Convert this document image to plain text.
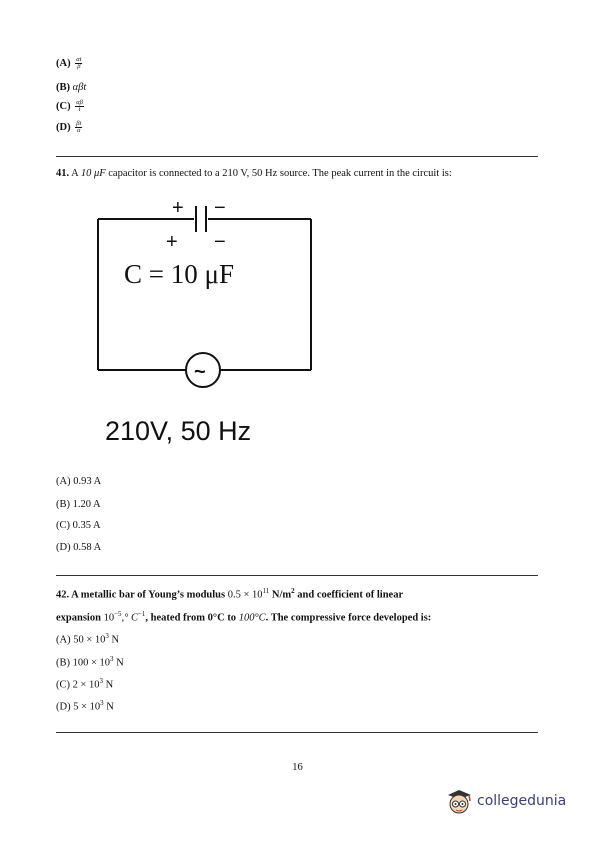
$(A) \frac{\alpha t}{\beta}$
(B) αβt
$(C) \frac{\alpha\beta}{t}$
$(D) \frac{\beta t}{\alpha}$
41. A 10 μF capacitor is connected to a 210 V, 50 Hz source. The peak current in the circuit is:
+ −
+ −
C = 10 μF
~
210V, 50 Hz
(A) 0.93 A
(B) 1.20 A
(C) 0.35 A
(D) 0.58 A
42. A metallic bar of Young’s modulus $0.5 \times 10^{11}$ $N/m^2$ and coefficient of linear
expansion $10^{-5},^\circ$ $C^{-1}$, heated from 0°C to 100°C. The compressive force developed is:
(A) $50 \times 10^3$ N
(B) $100 \times 10^3$ N
(C) $2 \times 10^3$ N
(D) $5 \times 10^3$ N
16
collegedunia
